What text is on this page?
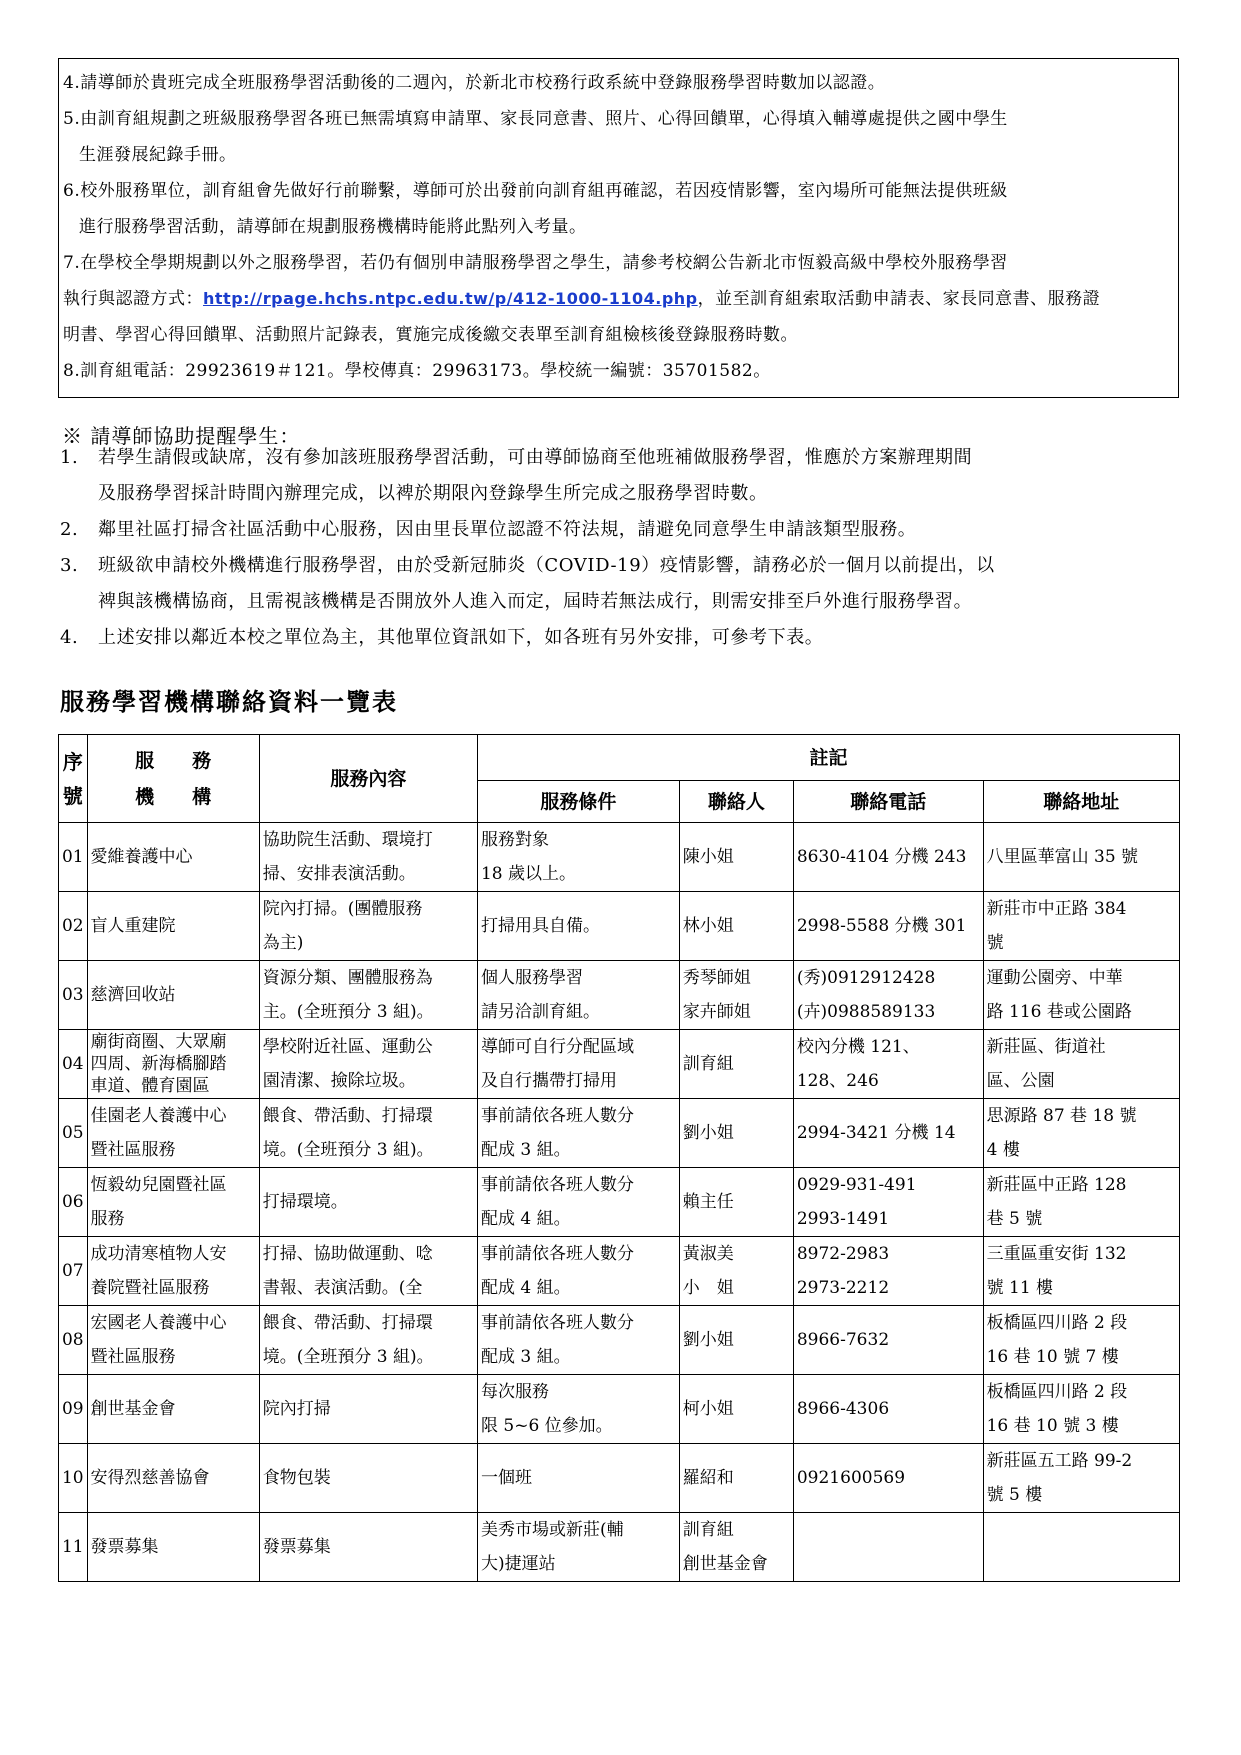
4.請導師於貴班完成全班服務學習活動後的二週內，於新北市校務行政系統中登錄服務學習時數加以認證。
5.由訓育組規劃之班級服務學習各班已無需填寫申請單、家長同意書、照片、心得回饋單，心得填入輔導處提供之國中學生
生涯發展紀錄手冊。
6.校外服務單位，訓育組會先做好行前聯繫，導師可於出發前向訓育組再確認，若因疫情影響，室內場所可能無法提供班級
進行服務學習活動，請導師在規劃服務機構時能將此點列入考量。
7.在學校全學期規劃以外之服務學習，若仍有個別申請服務學習之學生，請參考校網公告新北市恆毅高級中學校外服務學習
執行與認證方式：http://rpage.hchs.ntpc.edu.tw/p/412-1000-1104.php，並至訓育組索取活動申請表、家長同意書、服務證
明書、學習心得回饋單、活動照片記錄表，實施完成後繳交表單至訓育組檢核後登錄服務時數。
8.訓育組電話：29923619＃121。學校傳真：29963173。學校統一編號：35701582。
※ 請導師協助提醒學生：
1. 若學生請假或缺席，沒有參加該班服務學習活動，可由導師協商至他班補做服務學習，惟應於方案辦理期間
及服務學習採計時間內辦理完成，以裨於期限內登錄學生所完成之服務學習時數。
2. 鄰里社區打掃含社區活動中心服務，因由里長單位認證不符法規，請避免同意學生申請該類型服務。
3. 班級欲申請校外機構進行服務學習，由於受新冠肺炎（COVID-19）疫情影響，請務必於一個月以前提出，以
裨與該機構協商，且需視該機構是否開放外人進入而定，屆時若無法成行，則需安排至戶外進行服務學習。
4. 上述安排以鄰近本校之單位為主，其他單位資訊如下，如各班有另外安排，可參考下表。
服務學習機構聯絡資料一覽表
序
號	服　　務
機　　構	服務內容	註記			
			服務條件	聯絡人	聯絡電話	聯絡地址
01	愛維養護中心	協助院生活動、環境打
掃、安排表演活動。	服務對象
18 歲以上。	陳小姐	8630-4104 分機 243	八里區華富山 35 號
02	盲人重建院	院內打掃。(團體服務
為主)	打掃用具自備。	林小姐	2998-5588 分機 301	新莊市中正路 384
號
03	慈濟回收站	資源分類、團體服務為
主。(全班預分 3 組)。	個人服務學習
請另洽訓育組。	秀琴師姐
家卉師姐	(秀)0912912428
(卉)0988589133	運動公園旁、中華
路 116 巷或公園路
04	廟街商圈、大眾廟
四周、新海橋腳踏
車道、體育園區	學校附近社區、運動公
園清潔、撿除垃圾。	導師可自行分配區域
及自行攜帶打掃用	訓育組	校內分機 121、
128、246	新莊區、街道社
區、公園
05	佳園老人養護中心
暨社區服務	餵食、帶活動、打掃環
境。(全班預分 3 組)。	事前請依各班人數分
配成 3 組。	劉小姐	2994-3421 分機 14	思源路 87 巷 18 號
4 樓
06	恆毅幼兒園暨社區
服務	打掃環境。	事前請依各班人數分
配成 4 組。	賴主任	0929-931-491
2993-1491	新莊區中正路 128
巷 5 號
07	成功清寒植物人安
養院暨社區服務	打掃、協助做運動、唸
書報、表演活動。(全	事前請依各班人數分
配成 4 組。	黃淑美
小　姐	8972-2983
2973-2212	三重區重安街 132
號 11 樓
08	宏國老人養護中心
暨社區服務	餵食、帶活動、打掃環
境。(全班預分 3 組)。	事前請依各班人數分
配成 3 組。	劉小姐	8966-7632	板橋區四川路 2 段
16 巷 10 號 7 樓
09	創世基金會	院內打掃	每次服務
限 5~6 位參加。	柯小姐	8966-4306	板橋區四川路 2 段
16 巷 10 號 3 樓
10	安得烈慈善協會	食物包裝	一個班	羅紹和	0921600569	新莊區五工路 99-2
號 5 樓
11	發票募集	發票募集	美秀市場或新莊(輔
大)捷運站	訓育組
創世基金會		
